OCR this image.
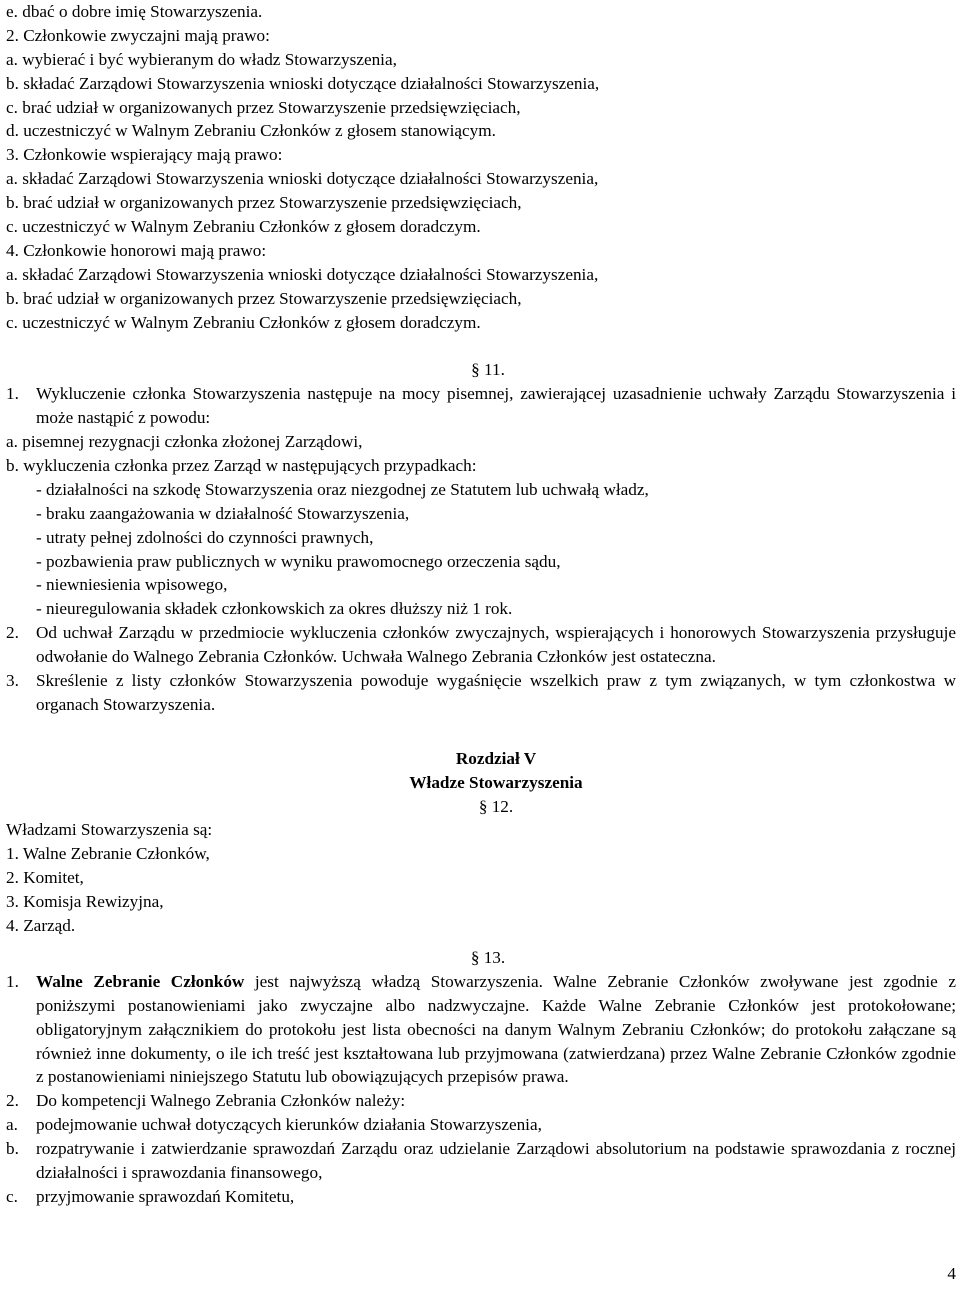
e. dbać o dobre imię Stowarzyszenia.
2. Członkowie zwyczajni mają prawo:
a. wybierać i być wybieranym do władz Stowarzyszenia,
b. składać Zarządowi Stowarzyszenia wnioski dotyczące działalności Stowarzyszenia,
c. brać udział w organizowanych przez Stowarzyszenie przedsięwzięciach,
d. uczestniczyć w Walnym Zebraniu Członków z głosem stanowiącym.
3. Członkowie wspierający mają prawo:
a. składać Zarządowi Stowarzyszenia wnioski dotyczące działalności Stowarzyszenia,
b. brać udział w organizowanych przez Stowarzyszenie przedsięwzięciach,
c. uczestniczyć w Walnym Zebraniu Członków z głosem doradczym.
4. Członkowie honorowi mają prawo:
a. składać Zarządowi Stowarzyszenia wnioski dotyczące działalności Stowarzyszenia,
b. brać udział w organizowanych przez Stowarzyszenie przedsięwzięciach,
c. uczestniczyć w Walnym Zebraniu Członków z głosem doradczym.
§ 11.
1. Wykluczenie członka Stowarzyszenia następuje na mocy pisemnej, zawierającej uzasadnienie uchwały Zarządu Stowarzyszenia i może nastąpić z powodu:
a. pisemnej rezygnacji członka złożonej Zarządowi,
b. wykluczenia członka przez Zarząd w następujących przypadkach:
- działalności na szkodę Stowarzyszenia oraz niezgodnej ze Statutem lub uchwałą władz,
- braku zaangażowania w działalność Stowarzyszenia,
- utraty pełnej zdolności do czynności prawnych,
- pozbawienia praw publicznych w wyniku prawomocnego orzeczenia sądu,
- niewniesienia wpisowego,
- nieuregulowania składek członkowskich za okres dłuższy niż 1 rok.
2. Od uchwał Zarządu w przedmiocie wykluczenia członków zwyczajnych, wspierających i honorowych Stowarzyszenia przysługuje odwołanie do Walnego Zebrania Członków. Uchwała Walnego Zebrania Członków jest ostateczna.
3. Skreślenie z listy członków Stowarzyszenia powoduje wygaśnięcie wszelkich praw z tym związanych, w tym członkostwa w organach Stowarzyszenia.
Rozdział V
Władze Stowarzyszenia
§ 12.
Władzami Stowarzyszenia są:
1. Walne Zebranie Członków,
2. Komitet,
3. Komisja Rewizyjna,
4. Zarząd.
§ 13.
1. Walne Zebranie Członków jest najwyższą władzą Stowarzyszenia. Walne Zebranie Członków zwoływane jest zgodnie z poniższymi postanowieniami jako zwyczajne albo nadzwyczajne. Każde Walne Zebranie Członków jest protokołowane; obligatoryjnym załącznikiem do protokołu jest lista obecności na danym Walnym Zebraniu Członków; do protokołu załączane są również inne dokumenty, o ile ich treść jest kształtowana lub przyjmowana (zatwierdzana) przez Walne Zebranie Członków zgodnie z postanowieniami niniejszego Statutu lub obowiązujących przepisów prawa.
2. Do kompetencji Walnego Zebrania Członków należy:
a.	podejmowanie uchwał dotyczących kierunków działania Stowarzyszenia,
b. rozpatrywanie i zatwierdzanie sprawozdań Zarządu oraz udzielanie Zarządowi absolutorium na podstawie sprawozdania z rocznej działalności i sprawozdania finansowego,
c.	przyjmowanie sprawozdań Komitetu,
4
